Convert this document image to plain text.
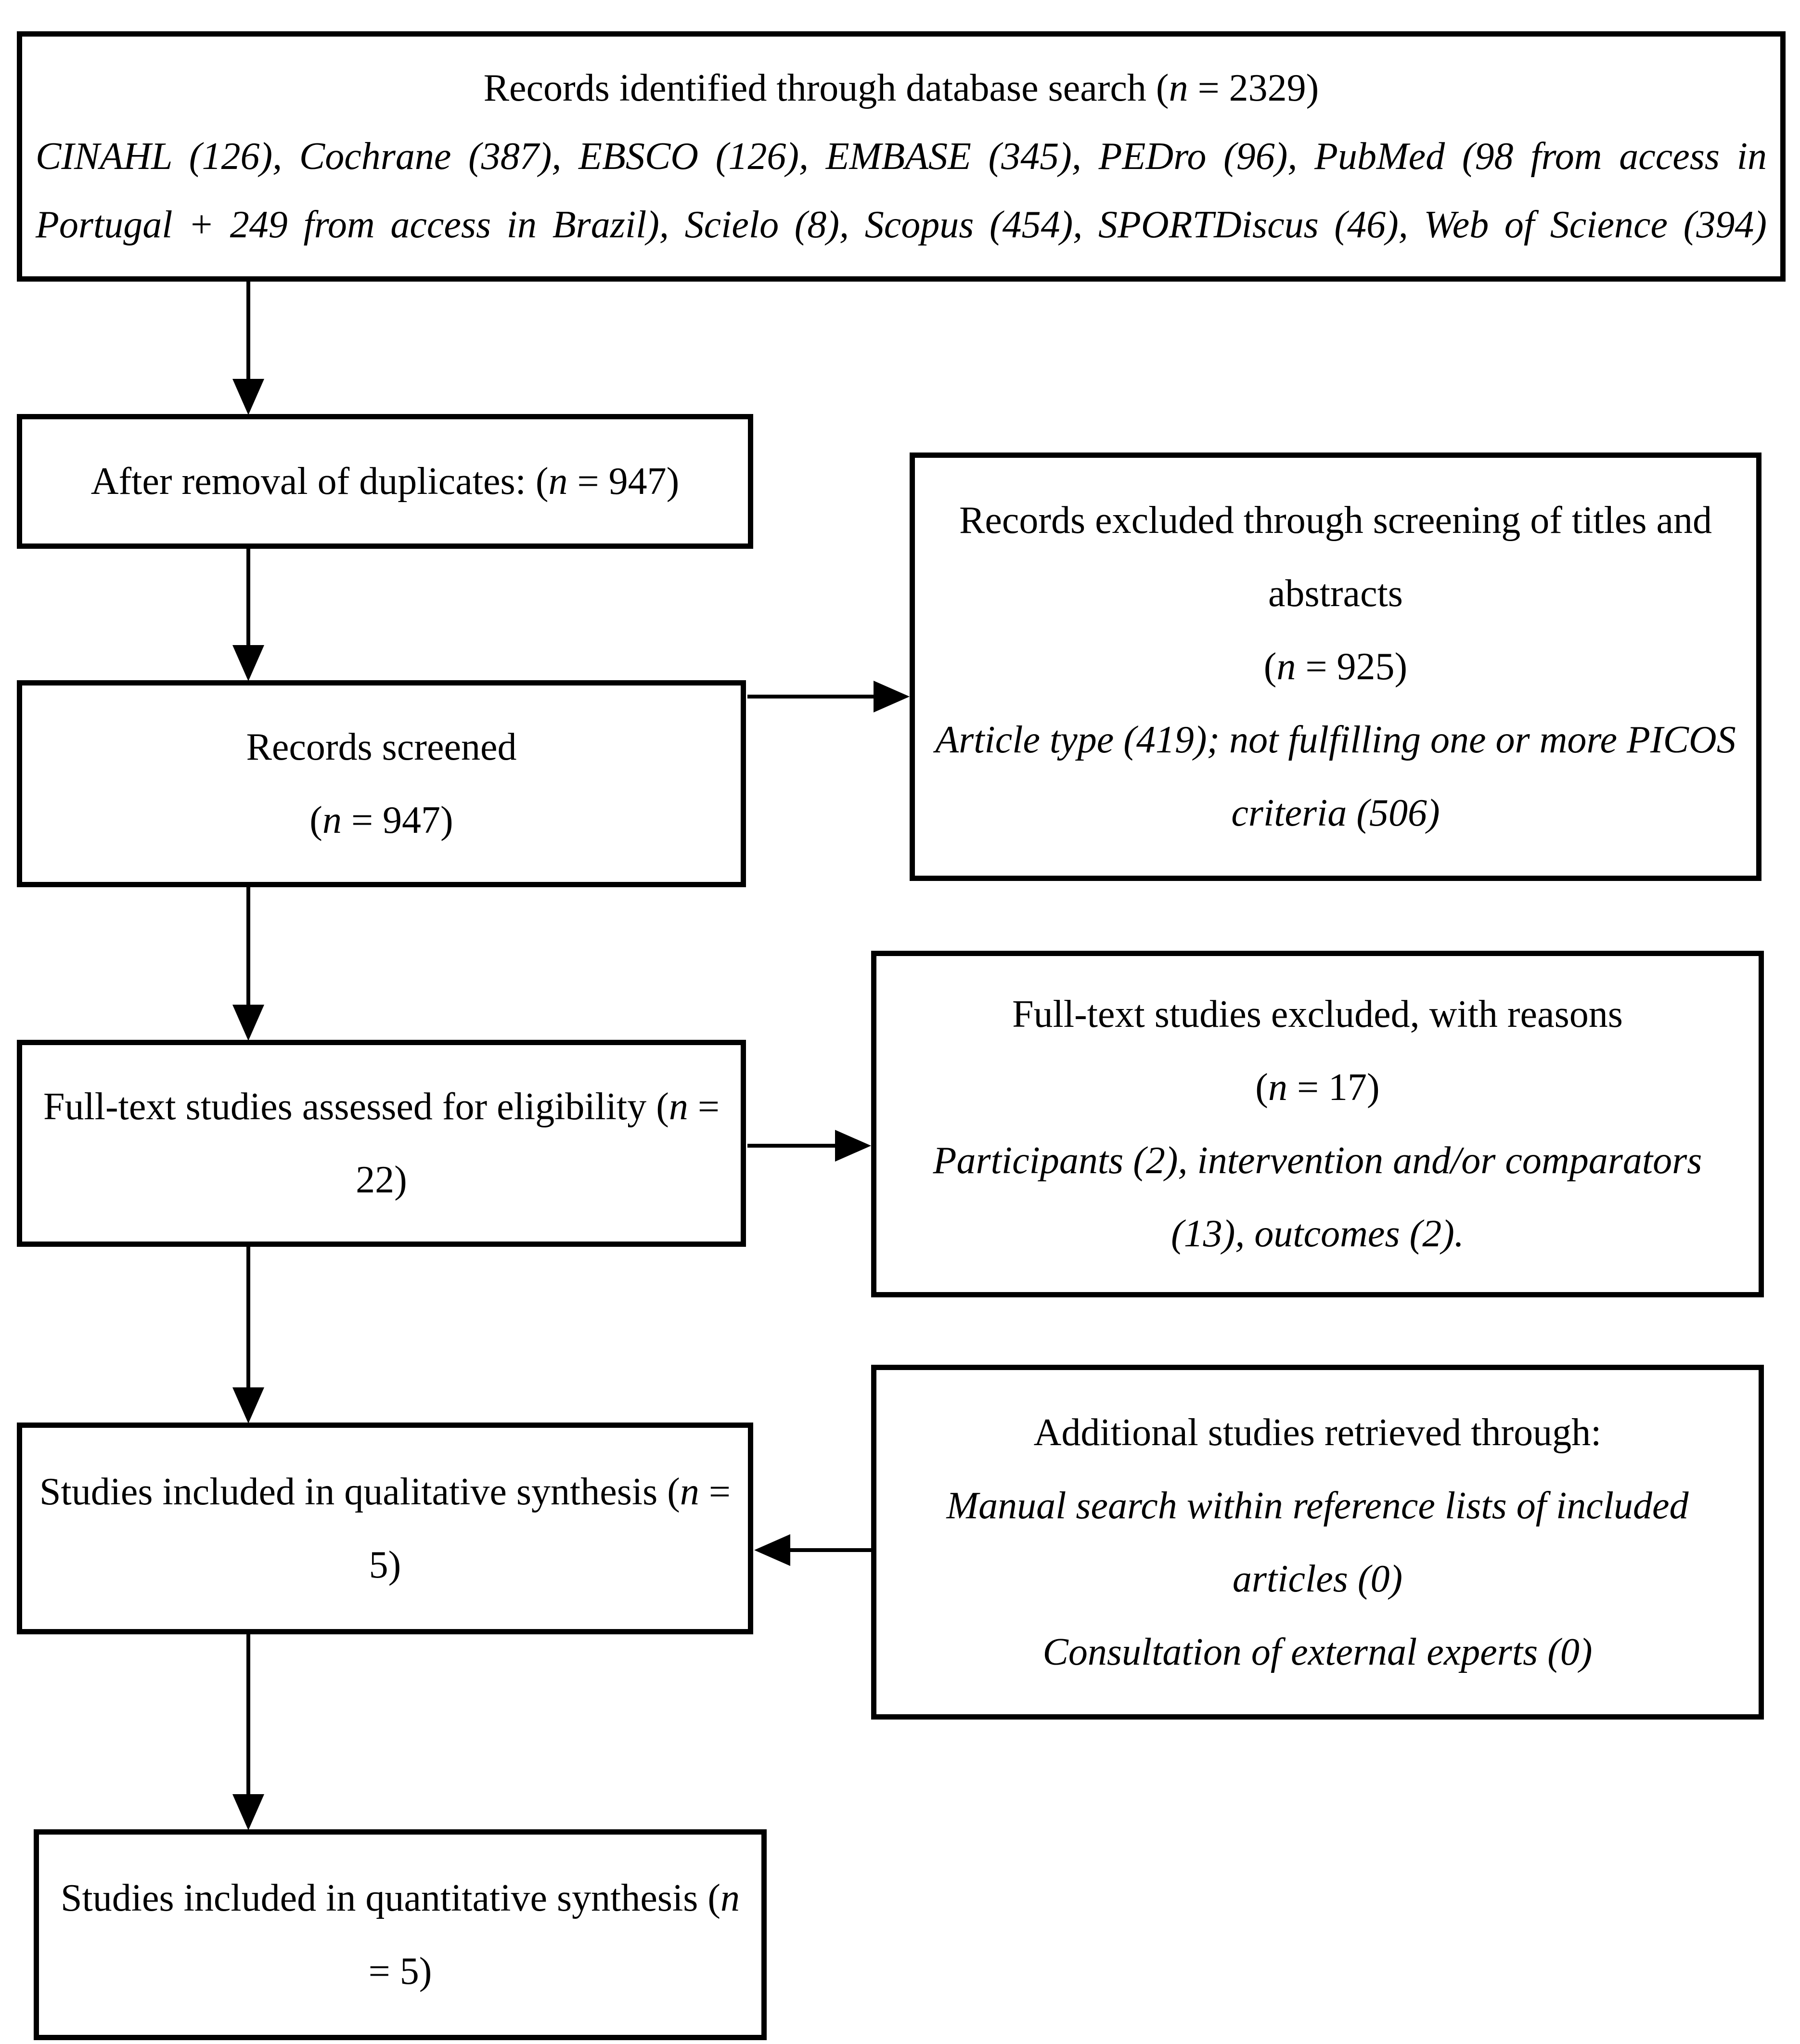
Records identified through database search (n = 2329)

CINAHL (126), Cochrane (387), EBSCO (126), EMBASE (345), PEDro (96), PubMed (98 from access in

Portugal + 249 from access in Brazil), Scielo (8), Scopus (454), SPORTDiscus (46), Web of Science (394)

After removal of duplicates: (n = 947)

Records screened

(n = 947)

Records excluded through screening of titles and abstracts

(n = 925)

Article type (419); not fulfilling one or more PICOS criteria (506)

Full-text studies assessed for eligibility (n = 22)

Full-text studies excluded, with reasons

(n = 17)

Participants (2), intervention and/or comparators (13), outcomes (2).

Studies included in qualitative synthesis (n = 5)

Additional studies retrieved through:

Manual search within reference lists of included articles (0)

Consultation of external experts (0)

Studies included in quantitative synthesis (n = 5)
